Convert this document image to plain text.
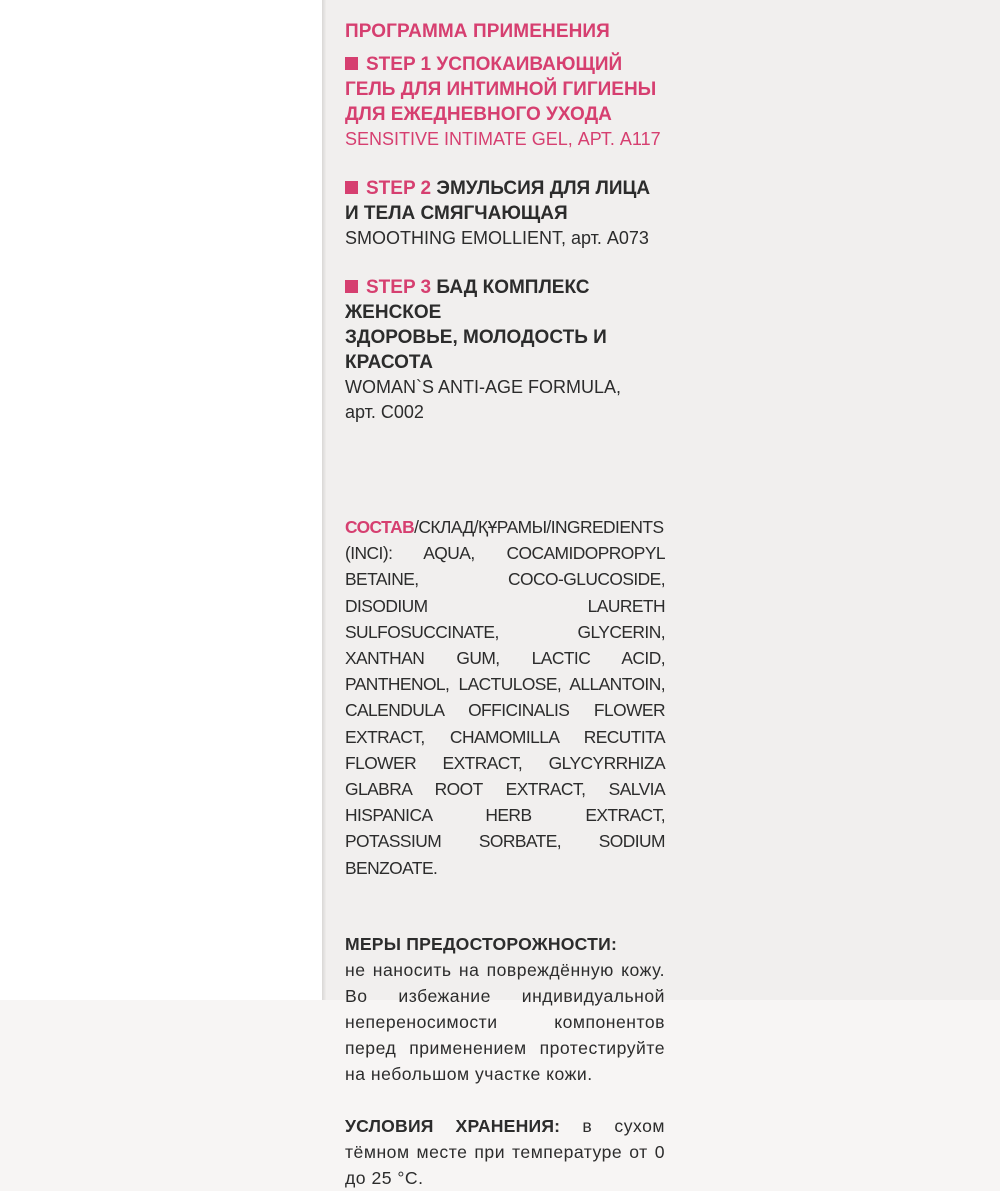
ПРОГРАММА ПРИМЕНЕНИЯ

STEP 1 УСПОКАИВАЮЩИЙ
ГЕЛЬ ДЛЯ ИНТИМНОЙ ГИГИЕНЫ
ДЛЯ ЕЖЕДНЕВНОГО УХОДА

SENSITIVE INTIMATE GEL, АРТ. А117

STEP 2 ЭМУЛЬСИЯ ДЛЯ ЛИЦА
И ТЕЛА СМЯГЧАЮЩАЯ

SMOOTHING EMOLLIENT, арт. А073

STEP 3 БАД КОМПЛЕКС ЖЕНСКОЕ
ЗДОРОВЬЕ, МОЛОДОСТЬ И КРАСОТА

WOMAN`S ANTI-AGE FORMULA,
арт. С002

СОСТАВ/СКЛАД/ҚҰРАМЫ/INGREDIENTS (INCI): AQUA, COCAMIDOPROPYL BETAINE, COCO-GLUCOSIDE, DISODIUM LAURETH SULFOSUCCINATE, GLYCERIN, XANTHAN GUM, LACTIC ACID, PANTHENOL, LACTULOSE, ALLANTOIN, CALENDULA OFFICINALIS FLOWER EXTRACT, CHAMOMILLA RECUTITA FLOWER EXTRACT, GLYCYRRHIZA GLABRA ROOT EXTRACT, SALVIA HISPANICA HERB EXTRACT, POTASSIUM SORBATE, SODIUM BENZOATE.

МЕРЫ ПРЕДОСТОРОЖНОСТИ:
не наносить на повреждённую кожу. Во избежание индивидуальной непереносимости компонентов перед применением протестируйте на небольшом участке кожи.
УСЛОВИЯ ХРАНЕНИЯ: в сухом тёмном месте при температуре от 0 до 25 °С.
